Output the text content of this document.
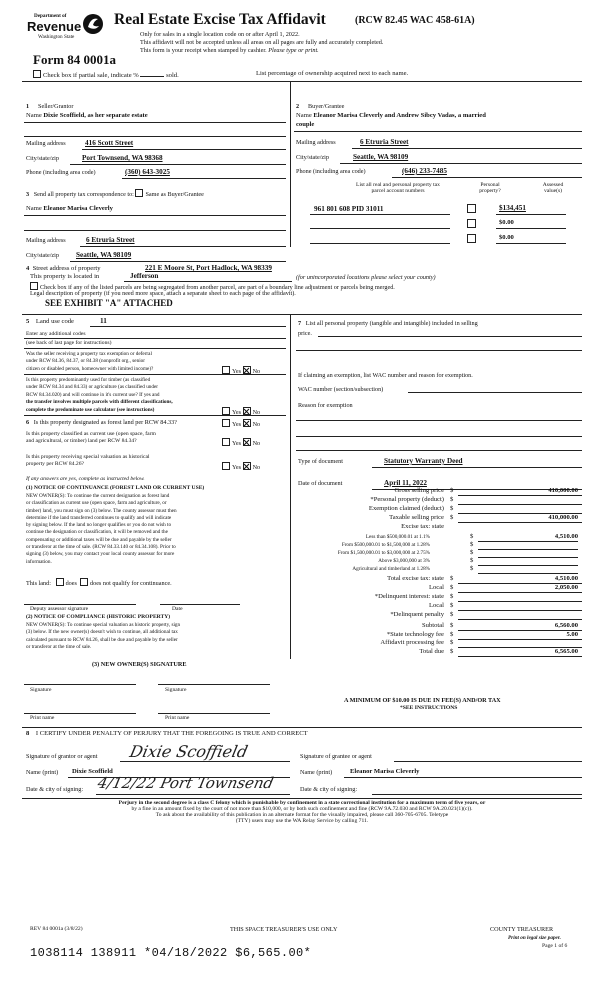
Department of
Revenue
Washington State
Real Estate Excise Tax Affidavit	(RCW 82.45 WAC 458-61A)
Only for sales in a single location code on or after April 1, 2022.
This affidavit will not be accepted unless all areas on all pages are fully and accurately completed.
This form is your receipt when stamped by cashier. Please type or print.
Form 84 0001a
Check box if partial sale, indicate %	sold.	List percentage of ownership acquired next to each name.
1 Seller/Grantor
Name Dixie Scoffield, as her separate estate
Mailing address	416 Scott Street
City/state/zip	Port Townsend, WA 98368
Phone (including area code)	(360) 643-3025
2 Buyer/Grantee
Name Eleanor Marisa Cleverly and Andrew Sibcy Vadas, a married
couple
Mailing address	6 Etruria Street
City/state/zip	Seattle, WA 98109
Phone (including area code)	(646) 233-7485
3 Send all property tax correspondence to: Same as Buyer/Grantee
Name Eleanor Marisa Cleverly
Mailing address	6 Etruria Street
City/state/zip Seattle, WA 98109
List all real and personal property tax
parcel account numbers
Personal
property?
Assessed
value(s)
961 801 608 PID 31011	$134,451
$0.00
$0.00
4 Street address of property	221 E Moore St, Port Hadlock, WA 98339
This property is located in	Jefferson	(for unincorporated locations please select your county)
Check box if any of the listed parcels are being segregated from another parcel, are part of a boundary line adjustment or parcels being merged.
Legal description of property (if you need more space, attach a separate sheet to each page of the affidavit).
SEE EXHIBIT "A" ATTACHED
5 Land use code	11
Enter any additional codes
(see back of last page for instructions)
Was the seller receiving a property tax exemption or deferral
under RCW 84.36, 84.37, or 84.38 (nonprofit org., senior
citizen or disabled person, homeowner with limited income)?	Yes No
Is this property predominantly used for timber (as classified
under RCW 84.34 and 84.33) or agriculture (as classified under
RCW 84.34.020) and will continue in it's current use? If yes and
the transfer involves multiple parcels with different classifications,
complete the predominate use calculator (see instructions)	Yes No
6 Is this property designated as forest land per RCW 84.33?	Yes No
Is this property classified as current use (open space, farm
and agricultural, or timber) land per RCW 84.34?	Yes No
Is this property receiving special valuation as historical
property per RCW 84.26?	Yes No
If any answers are yes, complete as instructed below.
(1) NOTICE OF CONTINUANCE (FOREST LAND OR CURRENT USE)
NEW OWNER(S): To continue the current designation as forest land
or classification as current use (open space, farm and agriculture, or
timber) land, you must sign on (3) below. The county assessor must then
determine if the land transferred continues to qualify and will indicate
by signing below. If the land no longer qualifies or you do not wish to
continue the designation or classification, it will be removed and the
compensating or additional taxes will be due and payable by the seller
or transferor at the time of sale. (RCW 84.33.140 or 84.34.108). Prior to
signing (3) below, you may contact your local county assessor for more
information.
This land: does does not qualify for continuance.
Deputy assessor signature	Date
(2) NOTICE OF COMPLIANCE (HISTORIC PROPERTY)
NEW OWNER(S): To continue special valuation as historic property, sign
(3) below. If the new owner(s) doesn't wish to continue, all additional tax
calculated pursuant to RCW 84.26, shall be due and payable by the seller
or transferor at the time of sale.
(3) NEW OWNER(S) SIGNATURE
Signature	Signature
Print name	Print name
7 List all personal property (tangible and intangible) included in selling
price.
If claiming an exemption, list WAC number and reason for exemption.
WAC number (section/subsection)
Reason for exemption
Type of document	Statutory Warranty Deed
Date of document	April 11, 2022
Gross selling price $	410,000.00
*Personal property (deduct) $
Exemption claimed (deduct) $
Taxable selling price $	410,000.00
Excise tax: state
Less than $500,000.01 at 1.1%	$	4,510.00
From $500,000.01 to $1,500,000 at 1.28%	$
From $1,500,000.01 to $3,000,000 at 2.75%	$
Above $3,000,000 at 3%	$
Agricultural and timberland at 1.28%	$
Total excise tax: state $	4,510.00
Local $	2,050.00
*Delinquent interest: state $
Local $
*Delinquent penalty $
Subtotal $	6,560.00
*State technology fee $	5.00
Affidavit processing fee $
Total due $	6,565.00
A MINIMUM OF $10.00 IS DUE IN FEE(S) AND/OR TAX
*SEE INSTRUCTIONS
8 I CERTIFY UNDER PENALTY OF PERJURY THAT THE FOREGOING IS TRUE AND CORRECT
Signature of grantor or agent Dixie Scoffield	Signature of grantee or agent
Name (print) Dixie Scoffield	Name (print)	Eleanor Marisa Cleverly
Date & city of signing: 4/12/22 Port Townsend	Date & city of signing:
Perjury in the second degree is a class C felony which is punishable by confinement in a state correctional institution for a maximum term of five years, or
by a fine in an amount fixed by the court of not more than $10,000, or by both such confinement and fine (RCW 9A.72.030 and RCW 9A.20.021(1)(c)).
To ask about the availability of this publication in an alternate format for the visually impaired, please call 360-705-6705. Teletype
(TTY) users may use the WA Relay Service by calling 711.
REV 84 0001a (3/8/22)	THIS SPACE TREASURER'S USE ONLY	COUNTY TREASURER
Print on legal size paper.
Page 1 of 6
1038114 138911 *04/18/2022 $6,565.00*
